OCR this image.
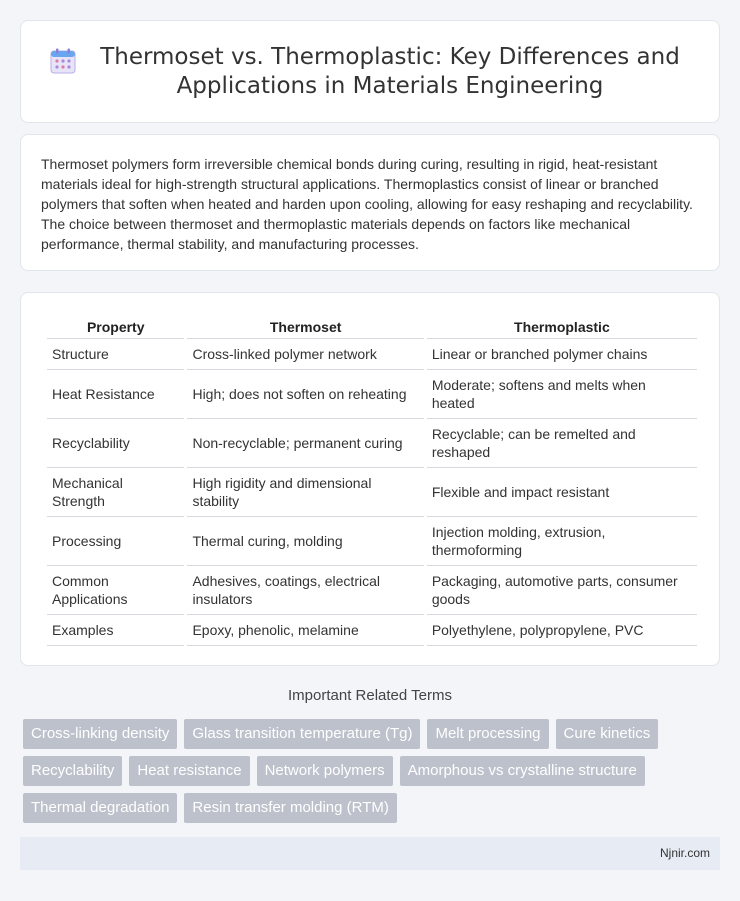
Thermoset vs. Thermoplastic: Key Differences and Applications in Materials Engineering

Thermoset polymers form irreversible chemical bonds during curing, resulting in rigid, heat-resistant materials ideal for high-strength structural applications. Thermoplastics consist of linear or branched polymers that soften when heated and harden upon cooling, allowing for easy reshaping and recyclability. The choice between thermoset and thermoplastic materials depends on factors like mechanical performance, thermal stability, and manufacturing processes.

Property	Thermoset	Thermoplastic
Structure	Cross-linked polymer network	Linear or branched polymer chains
Heat Resistance	High; does not soften on reheating	Moderate; softens and melts when heated
Recyclability	Non-recyclable; permanent curing	Recyclable; can be remelted and reshaped
Mechanical Strength	High rigidity and dimensional stability	Flexible and impact resistant
Processing	Thermal curing, molding	Injection molding, extrusion, thermoforming
Common Applications	Adhesives, coatings, electrical insulators	Packaging, automotive parts, consumer goods
Examples	Epoxy, phenolic, melamine	Polyethylene, polypropylene, PVC
Important Related Terms
Cross-linking density	Glass transition temperature (Tg)	Melt processing	Cure kinetics
Recyclability	Heat resistance	Network polymers	Amorphous vs crystalline structure
Thermal degradation	Resin transfer molding (RTM)
Njnir.com
